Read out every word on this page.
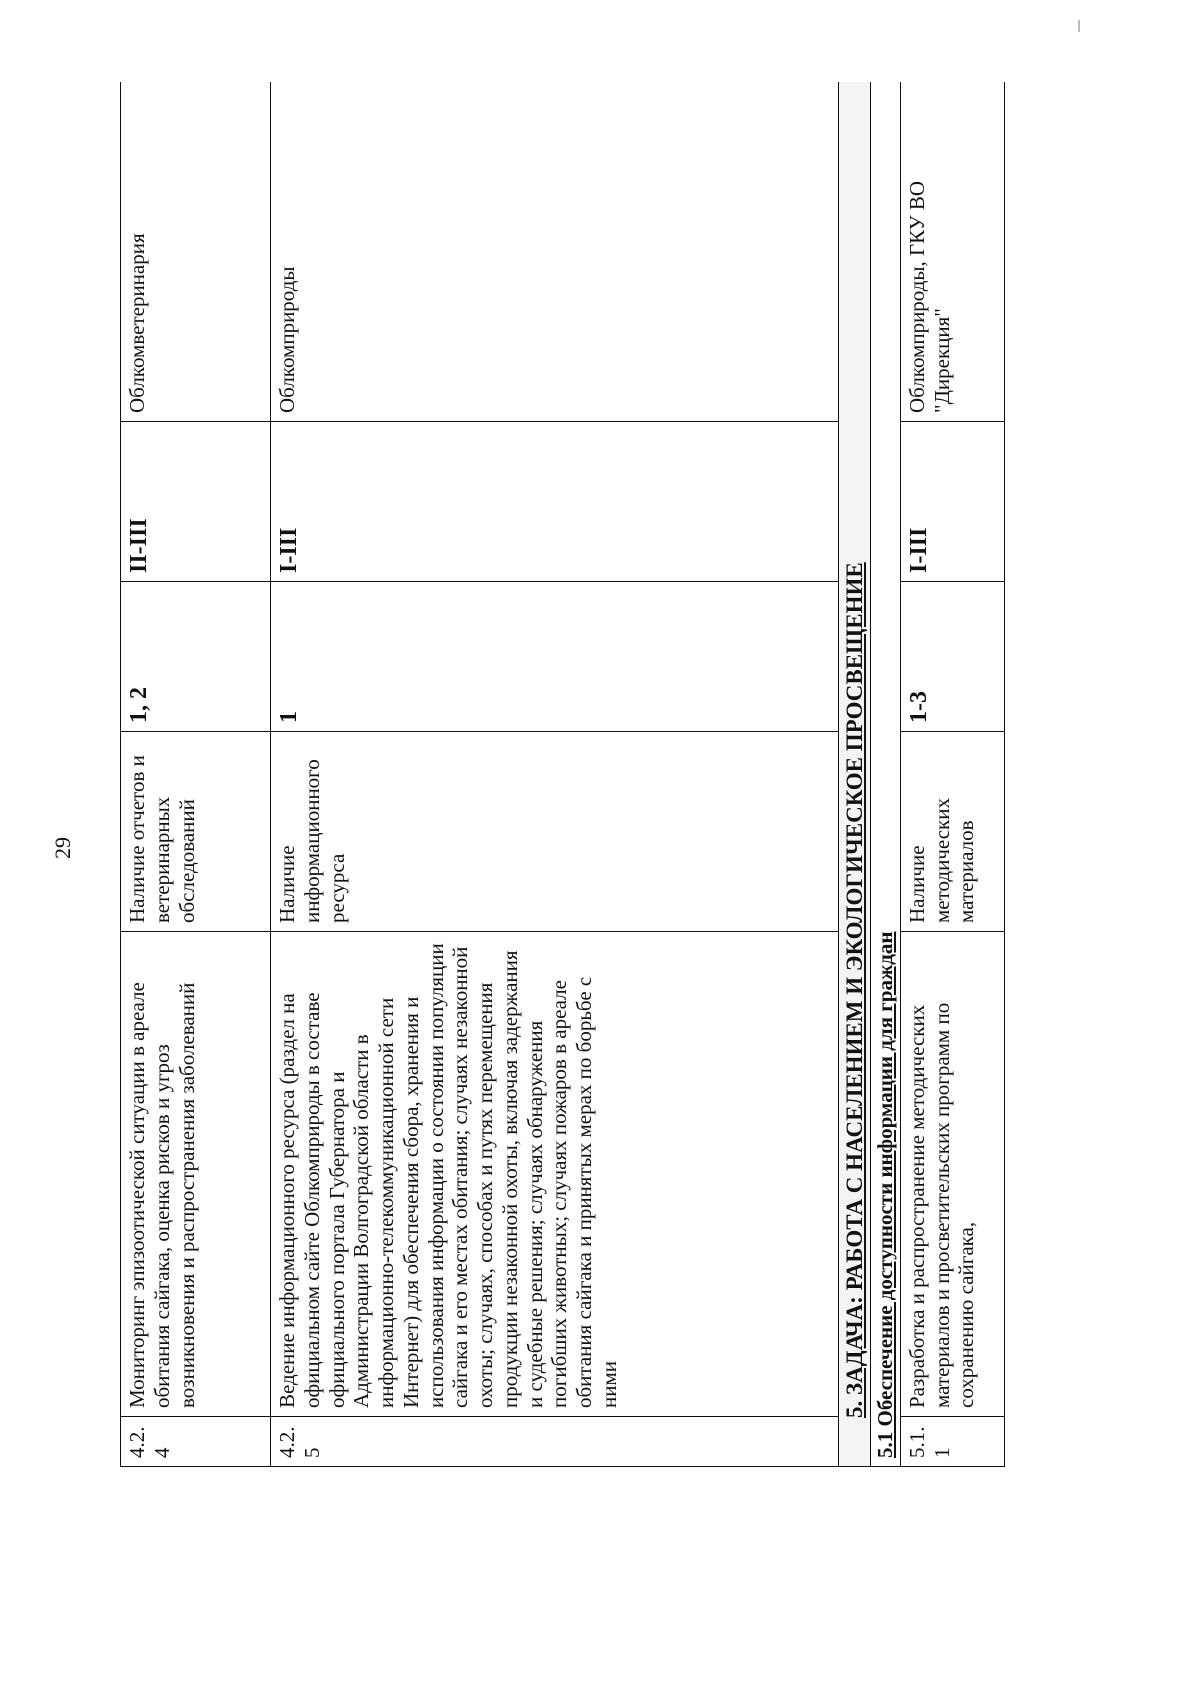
29
4.2.4	Мониторинг эпизоотической ситуации в ареале обитания сайгака, оценка рисков и угроз возникновения и распространения заболеваний	Наличие отчетов и ветеринарных обследований	1, 2	II-III	Облкомветеринария
4.2.5	Ведение информационного ресурса (раздел на официальном сайте Облкомприроды в составе официального портала Губернатора и Администрации Волгоградской области в информационно-телекоммуникационной сети Интернет) для обеспечения сбора, хранения и использования информации о состоянии популяции сайгака и его местах обитания; случаях незаконной охоты; случаях, способах и путях перемещения продукции незаконной охоты, включая задержания и судебные решения; случаях обнаружения погибших животных; случаях пожаров в ареале обитания сайгака и принятых мерах по борьбе с ними	Наличие информационного ресурса	1	I-III	Облкомприроды
5. ЗАДАЧА: РАБОТА С НАСЕЛЕНИЕМ И ЭКОЛОГИЧЕСКОЕ ПРОСВЕЩЕНИЕ					
5.1 Обеспечение доступности информации для граждан					
5.1.1	Разработка и распространение методических материалов и просветительских программ по сохранению сайгака,	Наличие методических материалов	1-3	I-III	Облкомприроды, ГКУ ВО "Дирекция"
